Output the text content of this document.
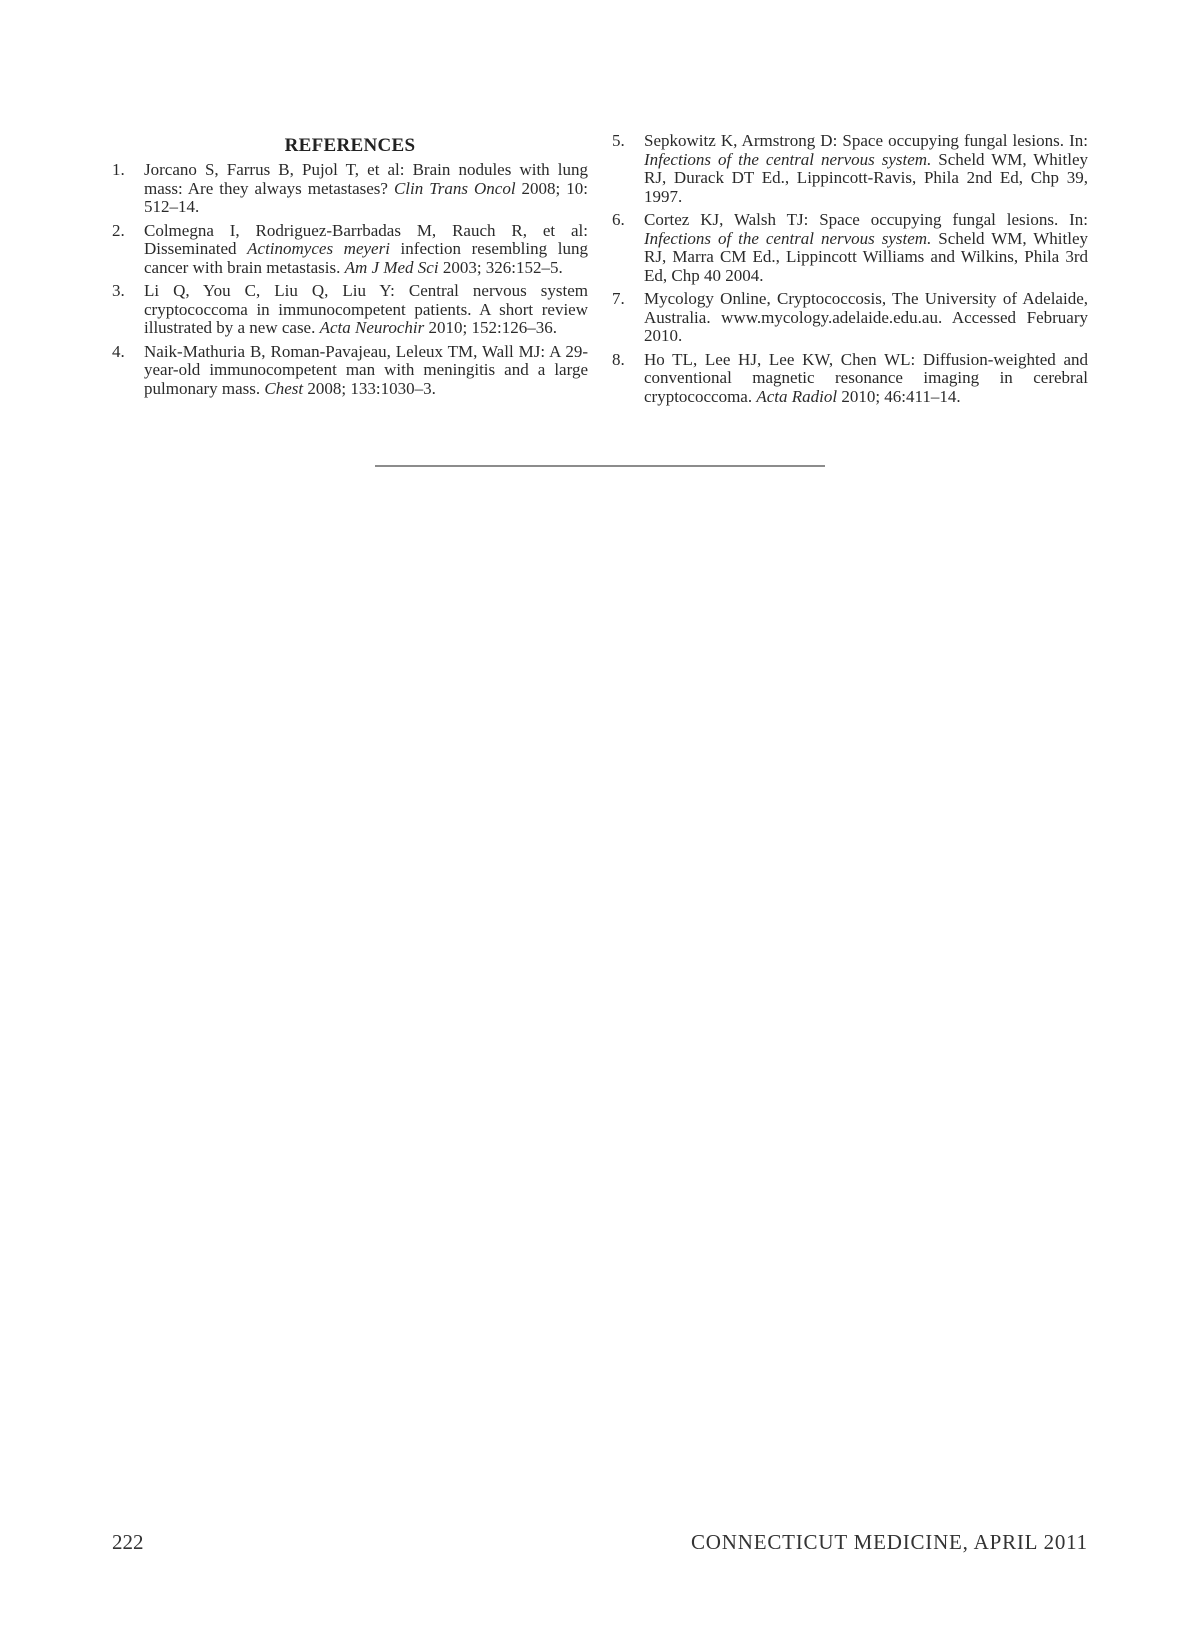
REFERENCES
1.	Jorcano S, Farrus B, Pujol T, et al: Brain nodules with lung mass: Are they always metastases? Clin Trans Oncol 2008; 10: 512–14.
2.	Colmegna I, Rodriguez-Barrbadas M, Rauch R, et al: Disseminated Actinomyces meyeri infection resembling lung cancer with brain metastasis. Am J Med Sci 2003; 326:152–5.
3.	Li Q, You C, Liu Q, Liu Y: Central nervous system cryptococcoma in immunocompetent patients. A short review illustrated by a new case. Acta Neurochir 2010; 152:126–36.
4.	Naik-Mathuria B, Roman-Pavajeau, Leleux TM, Wall MJ: A 29-year-old immunocompetent man with meningitis and a large pulmonary mass. Chest 2008; 133:1030–3.
5.	Sepkowitz K, Armstrong D: Space occupying fungal lesions. In: Infections of the central nervous system. Scheld WM, Whitley RJ, Durack DT Ed., Lippincott-Ravis, Phila 2nd Ed, Chp 39, 1997.
6.	Cortez KJ, Walsh TJ: Space occupying fungal lesions. In: Infections of the central nervous system. Scheld WM, Whitley RJ, Marra CM Ed., Lippincott Williams and Wilkins, Phila 3rd Ed, Chp 40 2004.
7.	Mycology Online, Cryptococcosis, The University of Adelaide, Australia. www.mycology.adelaide.edu.au. Accessed February 2010.
8.	Ho TL, Lee HJ, Lee KW, Chen WL: Diffusion-weighted and conventional magnetic resonance imaging in cerebral cryptococcoma. Acta Radiol 2010; 46:411–14.
222	CONNECTICUT MEDICINE, APRIL 2011
